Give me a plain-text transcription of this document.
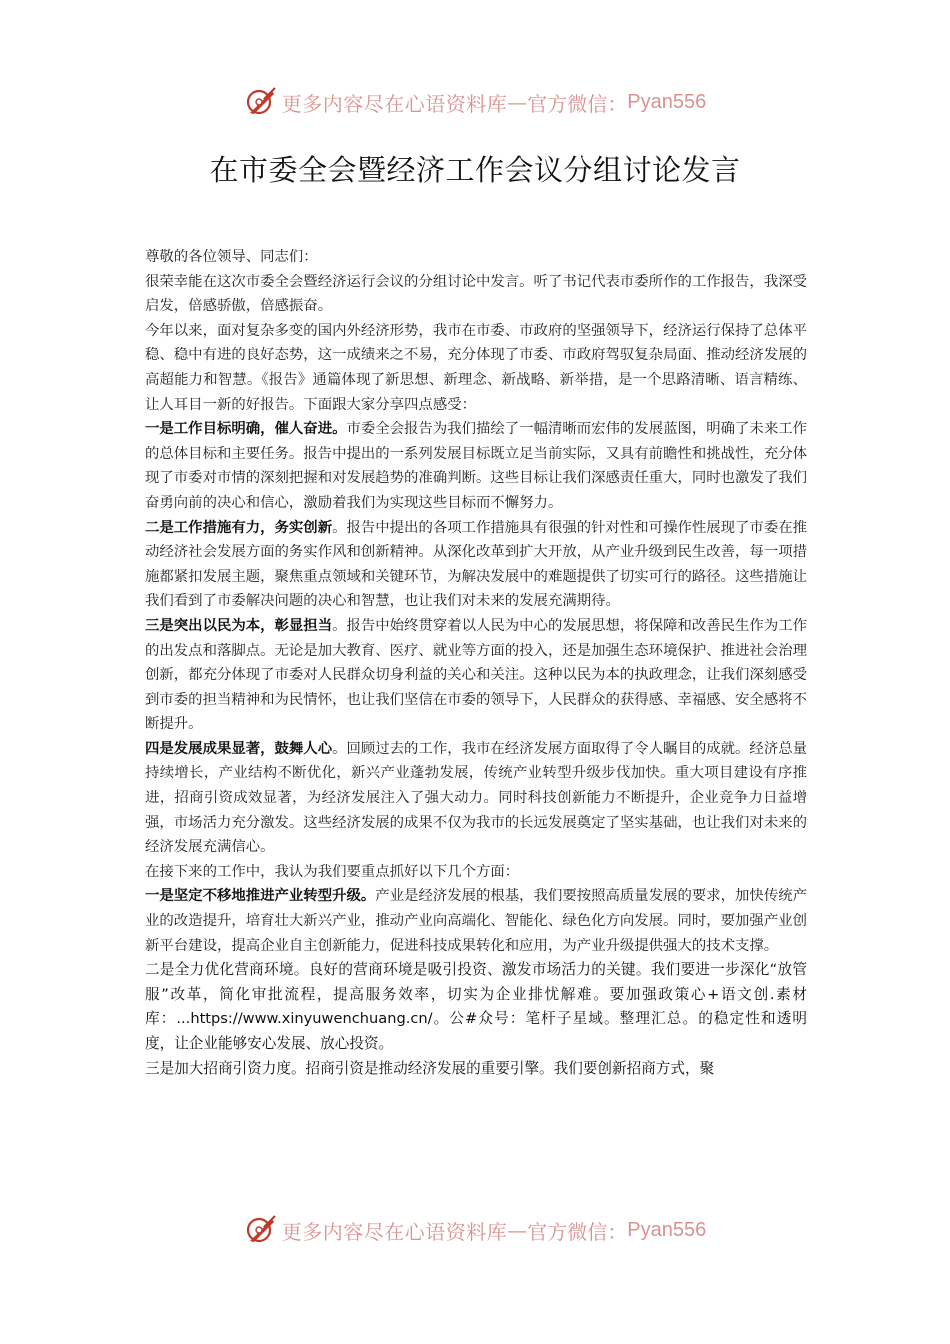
更多内容尽在心语资料库 — 官方微信： Pyan556
在市委全会暨经济工作会议分组讨论发言

尊敬的各位领导、同志们：

很荣幸能在这次市委全会暨经济运行会议的分组讨论中发言。听了书记代表市委所作的工作报告，我深受启发，倍感骄傲，倍感振奋。

今年以来，面对复杂多变的国内外经济形势，我市在市委、市政府的坚强领导下，经济运行保持了总体平稳、稳中有进的良好态势，这一成绩来之不易，充分体现了市委、市政府驾驭复杂局面、推动经济发展的高超能力和智慧。《报告》通篇体现了新思想、新理念、新战略、新举措，是一个思路清晰、语言精练、让人耳目一新的好报告。下面跟大家分享四点感受：

一是工作目标明确，催人奋进。市委全会报告为我们描绘了一幅清晰而宏伟的发展蓝图，明确了未来工作的总体目标和主要任务。报告中提出的一系列发展目标既立足当前实际，又具有前瞻性和挑战性，充分体现了市委对市情的深刻把握和对发展趋势的准确判断。这些目标让我们深感责任重大，同时也激发了我们奋勇向前的决心和信心，激励着我们为实现这些目标而不懈努力。

二是工作措施有力，务实创新。报告中提出的各项工作措施具有很强的针对性和可操作性展现了市委在推动经济社会发展方面的务实作风和创新精神。从深化改革到扩大开放，从产业升级到民生改善，每一项措施都紧扣发展主题，聚焦重点领域和关键环节，为解决发展中的难题提供了切实可行的路径。这些措施让我们看到了市委解决问题的决心和智慧，也让我们对未来的发展充满期待。

三是突出以民为本，彰显担当。报告中始终贯穿着以人民为中心的发展思想，将保障和改善民生作为工作的出发点和落脚点。无论是加大教育、医疗、就业等方面的投入，还是加强生态环境保护、推进社会治理创新，都充分体现了市委对人民群众切身利益的关心和关注。这种以民为本的执政理念，让我们深刻感受到市委的担当精神和为民情怀，也让我们坚信在市委的领导下，人民群众的获得感、幸福感、安全感将不断提升。

四是发展成果显著，鼓舞人心。回顾过去的工作，我市在经济发展方面取得了令人瞩目的成就。经济总量持续增长，产业结构不断优化，新兴产业蓬勃发展，传统产业转型升级步伐加快。重大项目建设有序推进，招商引资成效显著，为经济发展注入了强大动力。同时科技创新能力不断提升，企业竞争力日益增强，市场活力充分激发。这些经济发展的成果不仅为我市的长远发展奠定了坚实基础，也让我们对未来的经济发展充满信心。

在接下来的工作中，我认为我们要重点抓好以下几个方面：

一是坚定不移地推进产业转型升级。产业是经济发展的根基，我们要按照高质量发展的要求，加快传统产业的改造提升，培育壮大新兴产业，推动产业向高端化、智能化、绿色化方向发展。同时，要加强产业创新平台建设，提高企业自主创新能力，促进科技成果转化和应用，为产业升级提供强大的技术支撑。

二是全力优化营商环境。良好的营商环境是吸引投资、激发市场活力的关键。我们要进一步深化“放管服”改革，简化审批流程，提高服务效率，切实为企业排忧解难。要加强政策心+语文创.素材库：...https://www.xinyuwenchuang.cn/。公#众号：笔杆子星域。整理汇总。的稳定性和透明度，让企业能够安心发展、放心投资。

三是加大招商引资力度。招商引资是推动经济发展的重要引擎。我们要创新招商方式，聚

更多内容尽在心语资料库 — 官方微信： Pyan556
